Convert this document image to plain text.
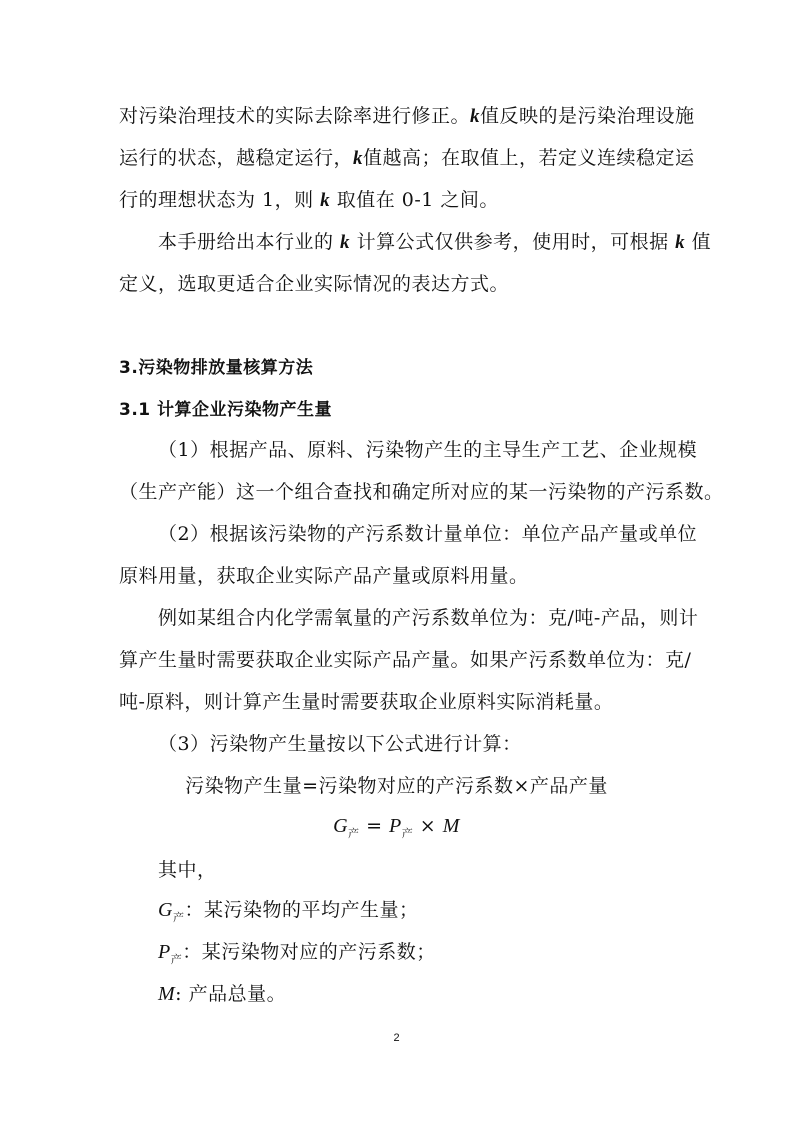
对污染治理技术的实际去除率进行修正。k值反映的是污染治理设施
运行的状态，越稳定运行，k值越高；在取值上，若定义连续稳定运
行的理想状态为 1，则 k 取值在 0-1 之间。
本手册给出本行业的 k 计算公式仅供参考，使用时，可根据 k 值
定义，选取更适合企业实际情况的表达方式。
3.污染物排放量核算方法
3.1 计算企业污染物产生量
（1）根据产品、原料、污染物产生的主导生产工艺、企业规模
（生产产能）这一个组合查找和确定所对应的某一污染物的产污系数。
（2）根据该污染物的产污系数计量单位：单位产品产量或单位
原料用量，获取企业实际产品产量或原料用量。
例如某组合内化学需氧量的产污系数单位为：克/吨-产品，则计
算产生量时需要获取企业实际产品产量。如果产污系数单位为：克/
吨-原料，则计算产生量时需要获取企业原料实际消耗量。
（3）污染物产生量按以下公式进行计算：
污染物产生量=污染物对应的产污系数×产品产量
$G_产 = P_产 \times M$
其中，
$G_产$：某污染物的平均产生量；
$P_产$：某污染物对应的产污系数；
M: 产品总量。
2
